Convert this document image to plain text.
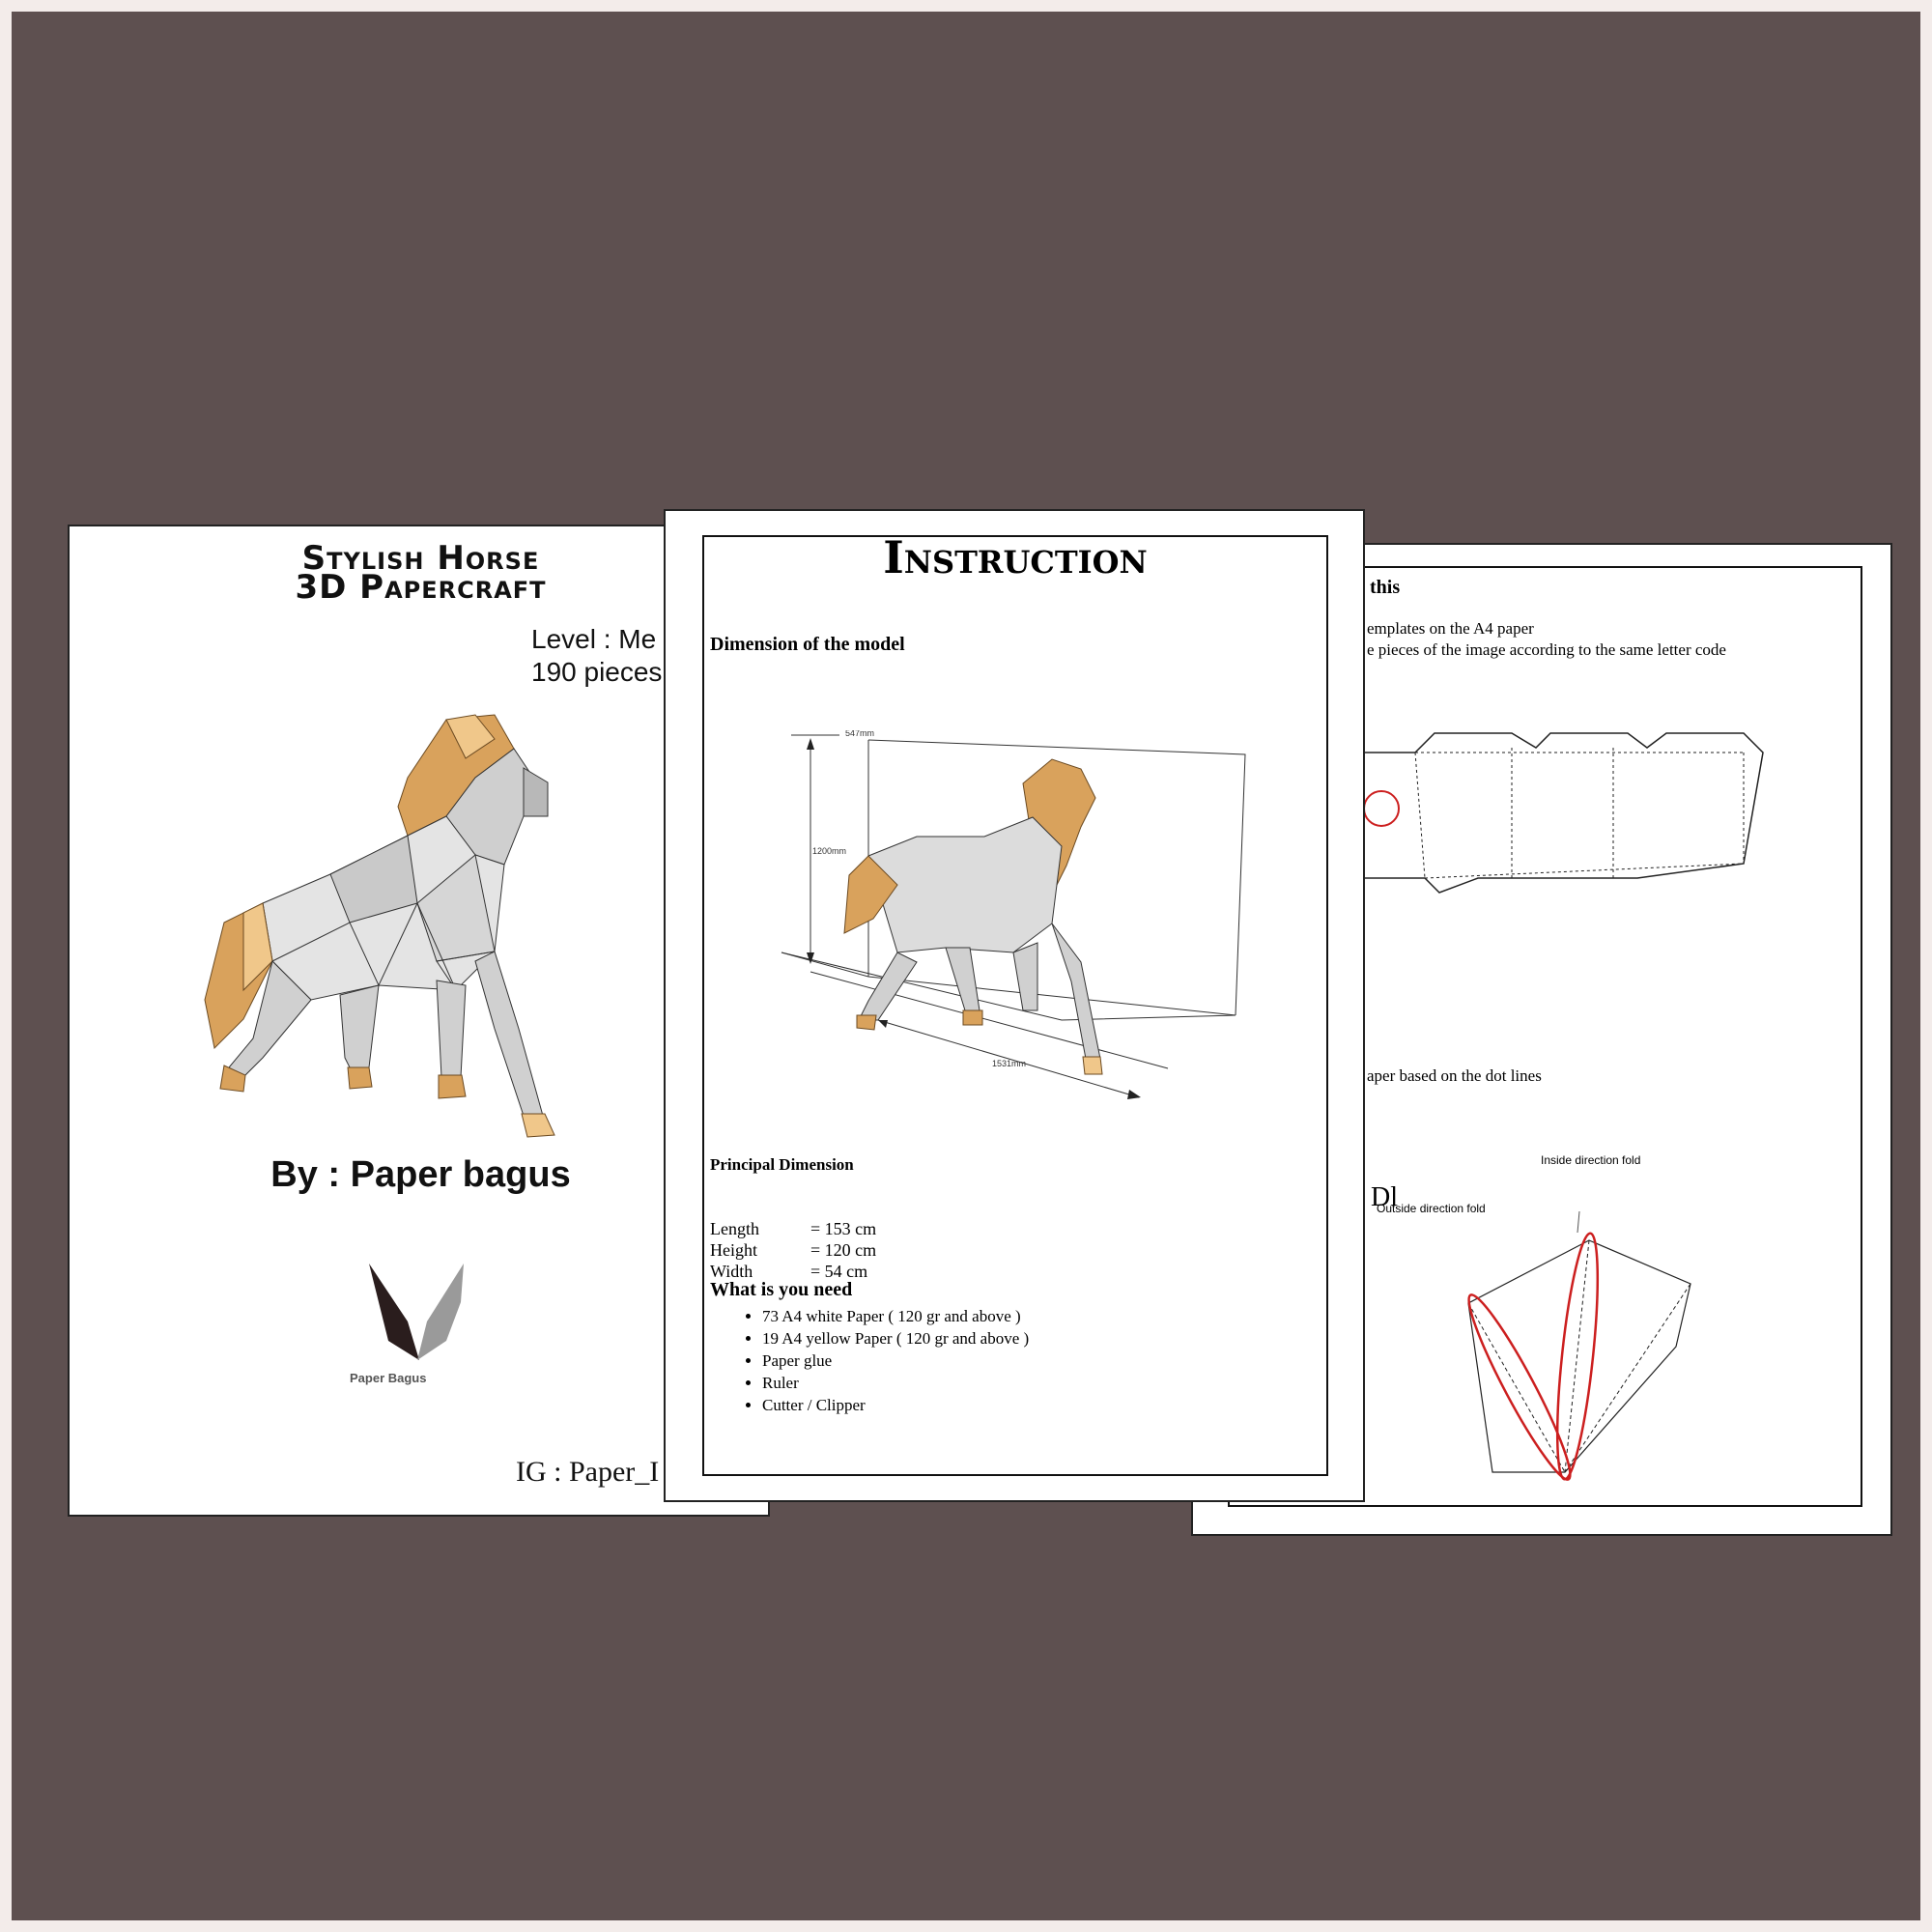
Stylish Horse
3D Papercraft
Level : Me
190 pieces
By : Paper bagus
Paper Bagus
IG : Paper_I
this
emplates on the A4 paper
e pieces of the image according to the same letter code
Dl
aper based on the dot lines
Inside direction fold
Outside direction fold
Instruction
Dimension of the model
547mm
1200mm
1531mm
Principal Dimension
Length	= 153 cm
Height	= 120 cm
Width	= 54 cm
What is you need
• 73 A4 white Paper ( 120 gr and above )
• 19 A4 yellow Paper ( 120 gr and above )
• Paper glue
• Ruler
• Cutter / Clipper
